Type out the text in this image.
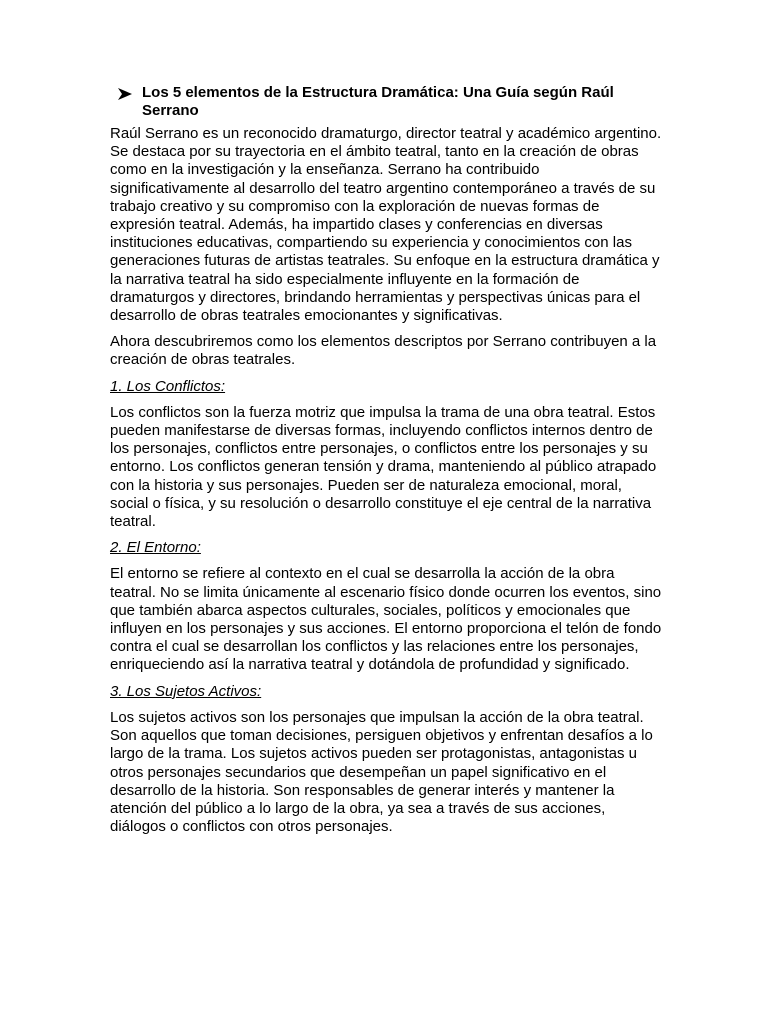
Los 5 elementos de la Estructura Dramática: Una Guía según Raúl Serrano

Raúl Serrano es un reconocido dramaturgo, director teatral y académico argentino. Se destaca por su trayectoria en el ámbito teatral, tanto en la creación de obras como en la investigación y la enseñanza. Serrano ha contribuido significativamente al desarrollo del teatro argentino contemporáneo a través de su trabajo creativo y su compromiso con la exploración de nuevas formas de expresión teatral. Además, ha impartido clases y conferencias en diversas instituciones educativas, compartiendo su experiencia y conocimientos con las generaciones futuras de artistas teatrales. Su enfoque en la estructura dramática y la narrativa teatral ha sido especialmente influyente en la formación de dramaturgos y directores, brindando herramientas y perspectivas únicas para el desarrollo de obras teatrales emocionantes y significativas.

Ahora descubriremos como los elementos descriptos por Serrano contribuyen a la creación de obras teatrales.

1. Los Conflictos:

Los conflictos son la fuerza motriz que impulsa la trama de una obra teatral. Estos pueden manifestarse de diversas formas, incluyendo conflictos internos dentro de los personajes, conflictos entre personajes, o conflictos entre los personajes y su entorno. Los conflictos generan tensión y drama, manteniendo al público atrapado con la historia y sus personajes. Pueden ser de naturaleza emocional, moral, social o física, y su resolución o desarrollo constituye el eje central de la narrativa teatral.

2. El Entorno:

El entorno se refiere al contexto en el cual se desarrolla la acción de la obra teatral. No se limita únicamente al escenario físico donde ocurren los eventos, sino que también abarca aspectos culturales, sociales, políticos y emocionales que influyen en los personajes y sus acciones. El entorno proporciona el telón de fondo contra el cual se desarrollan los conflictos y las relaciones entre los personajes, enriqueciendo así la narrativa teatral y dotándola de profundidad y significado.

3. Los Sujetos Activos:

Los sujetos activos son los personajes que impulsan la acción de la obra teatral. Son aquellos que toman decisiones, persiguen objetivos y enfrentan desafíos a lo largo de la trama. Los sujetos activos pueden ser protagonistas, antagonistas u otros personajes secundarios que desempeñan un papel significativo en el desarrollo de la historia. Son responsables de generar interés y mantener la atención del público a lo largo de la obra, ya sea a través de sus acciones, diálogos o conflictos con otros personajes.
